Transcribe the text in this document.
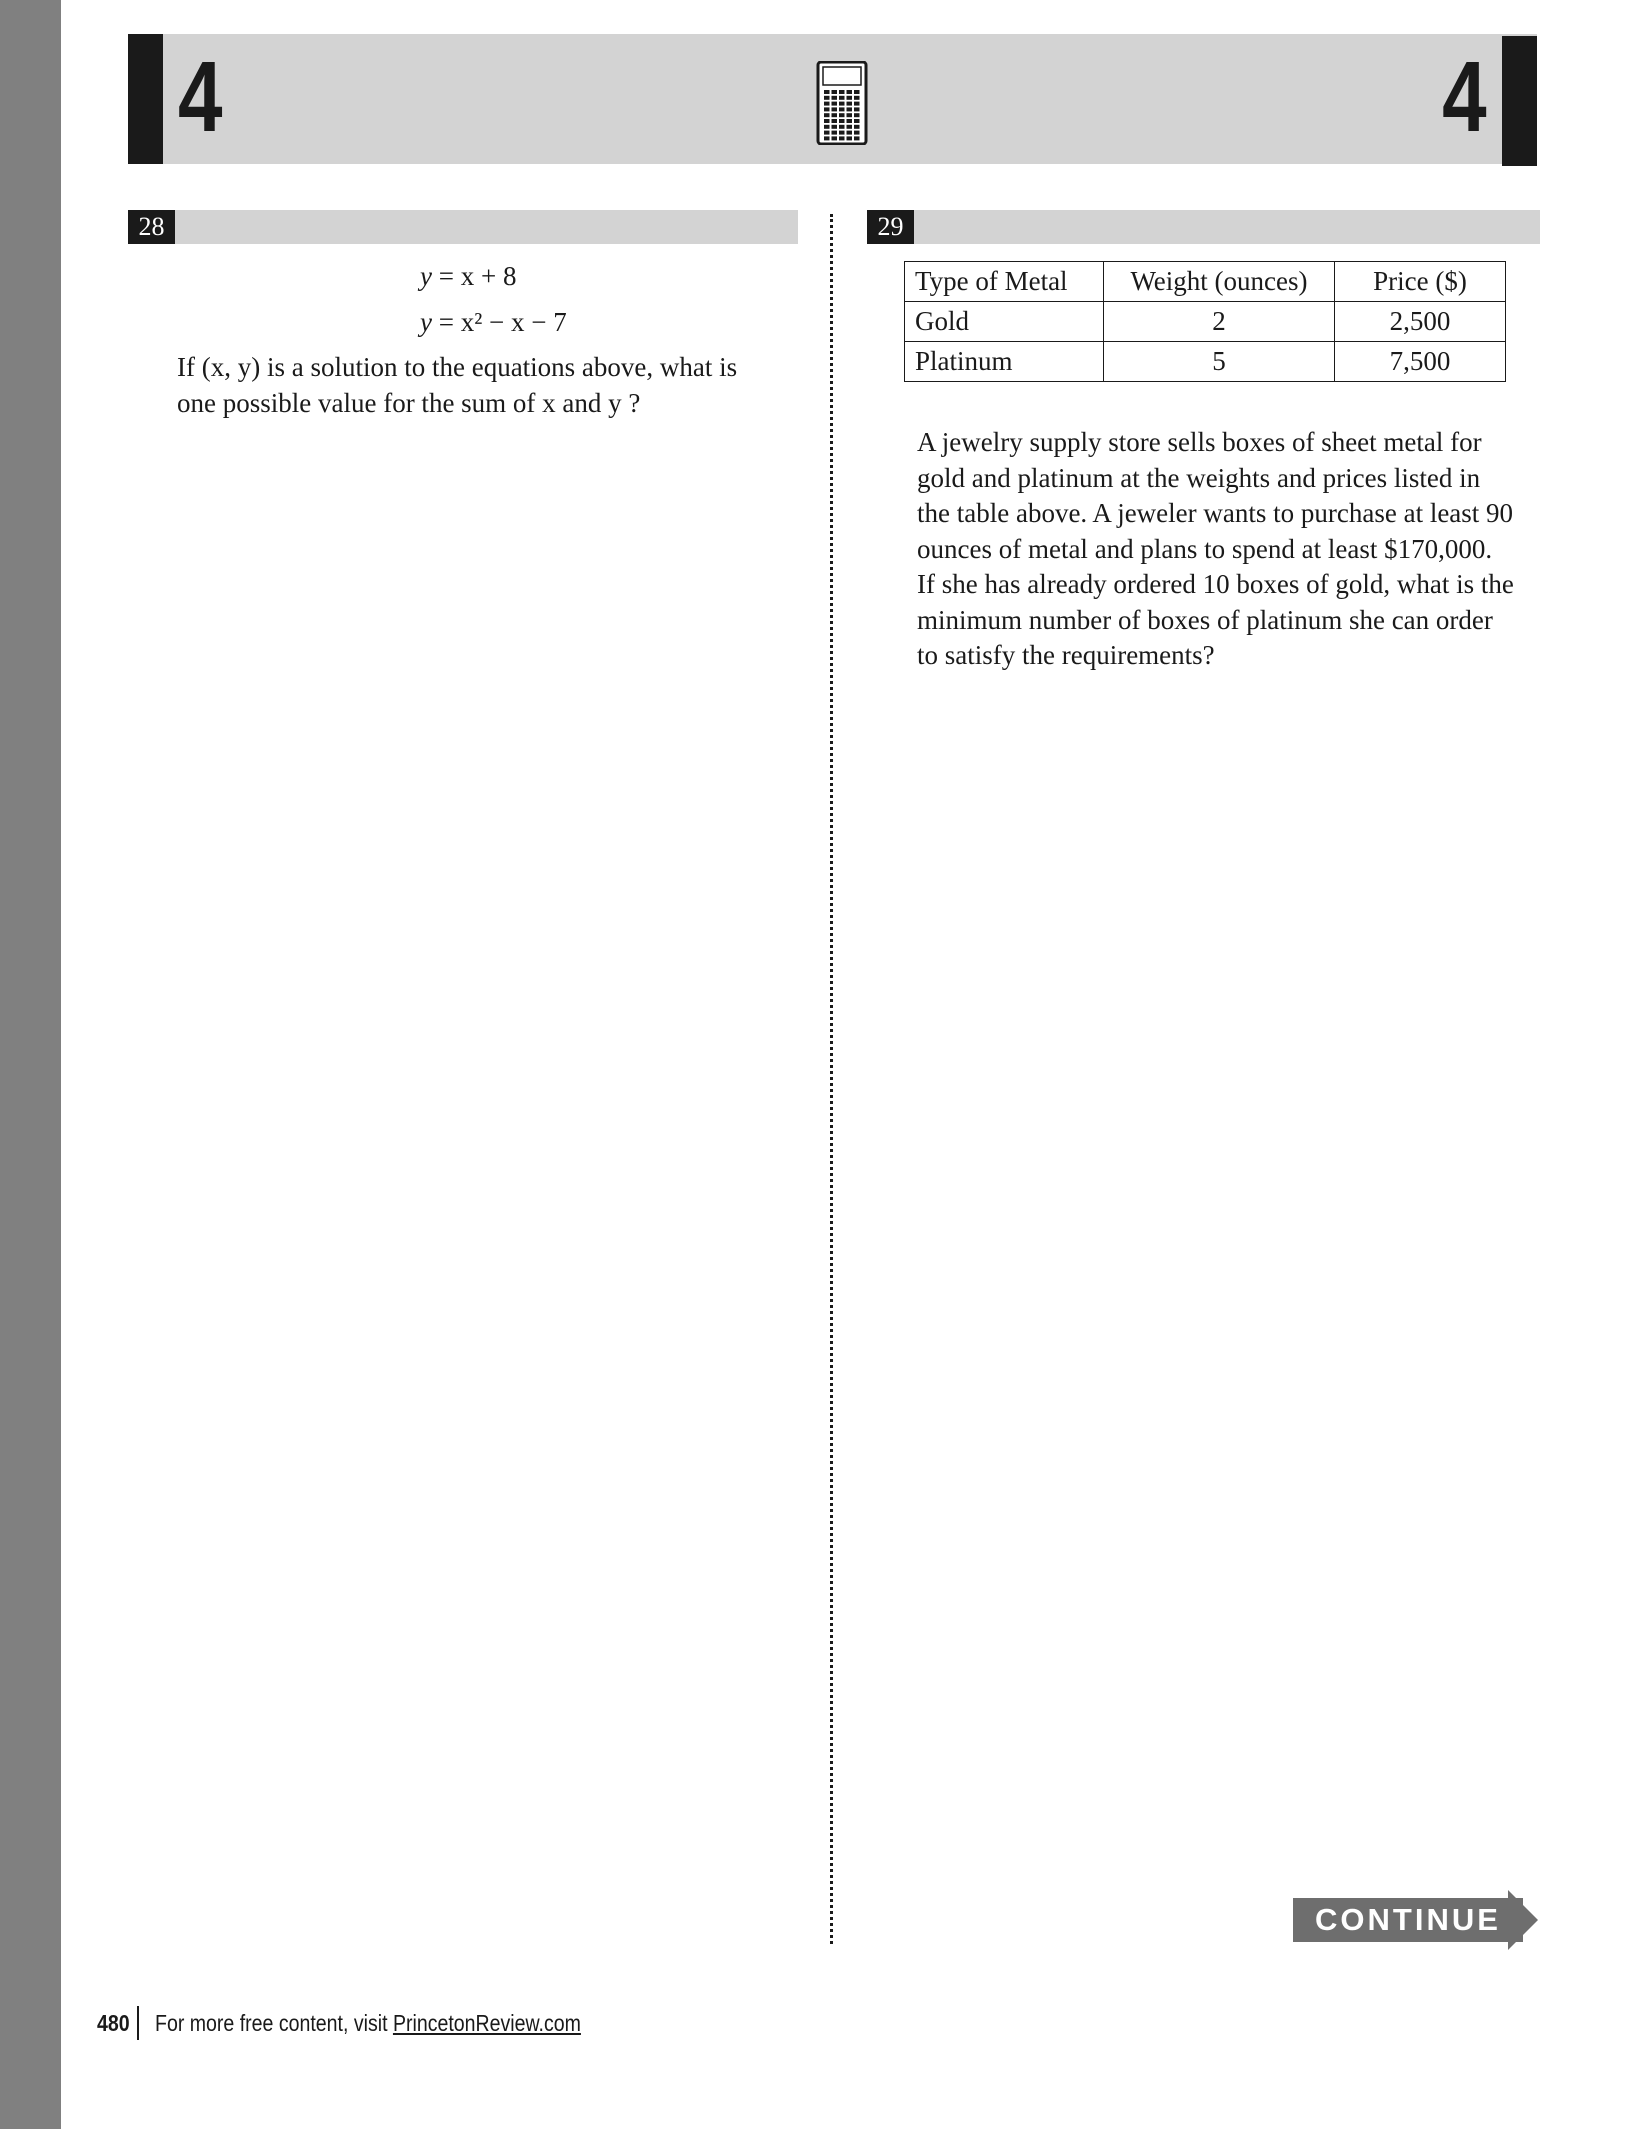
4	4
28	29
y = x + 8
y = x² − x − 7
If (x, y) is a solution to the equations above, what is
one possible value for the sum of x and y ?
Type of Metal	Weight (ounces)	Price ($)
Gold	2	2,500
Platinum	5	7,500
A jewelry supply store sells boxes of sheet metal for
gold and platinum at the weights and prices listed in
the table above. A jeweler wants to purchase at least 90
ounces of metal and plans to spend at least $170,000.
If she has already ordered 10 boxes of gold, what is the
minimum number of boxes of platinum she can order
to satisfy the requirements?
CONTINUE
480 For more free content, visit PrincetonReview.com
